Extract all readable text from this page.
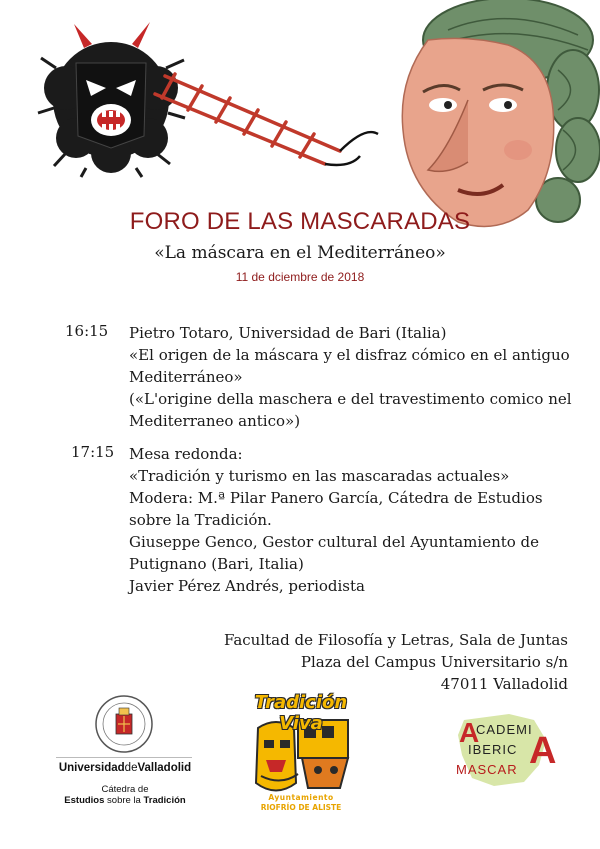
FORO DE LAS MASCARADAS
«La máscara en el Mediterráneo»
11 de dciembre de 2018
16:15 Pietro Totaro, Universidad de Bari (Italia)
«El origen de la máscara y el disfraz cómico en el antiguo
Mediterráneo»
(«L'origine della maschera e del travestimento comico nel
Mediterraneo antico»)
17:15 Mesa redonda:
«Tradición y turismo en las mascaradas actuales»
Modera: M.ª Pilar Panero García, Cátedra de Estudios
sobre la Tradición.
Giuseppe Genco, Gestor cultural del Ayuntamiento de
Putignano (Bari, Italia)
Javier Pérez Andrés, periodista
Facultad de Filosofía y Letras, Sala de Juntas
Plaza del Campus Universitario s/n
47011 Valladolid
UniversidaddeValladolid
Cátedra de
Estudios sobre la Tradición
Tradición Viva
Ayuntamiento
RIOFRÍO DE ALISTE
A
CADEMI
IBERIC
MASCAR A
